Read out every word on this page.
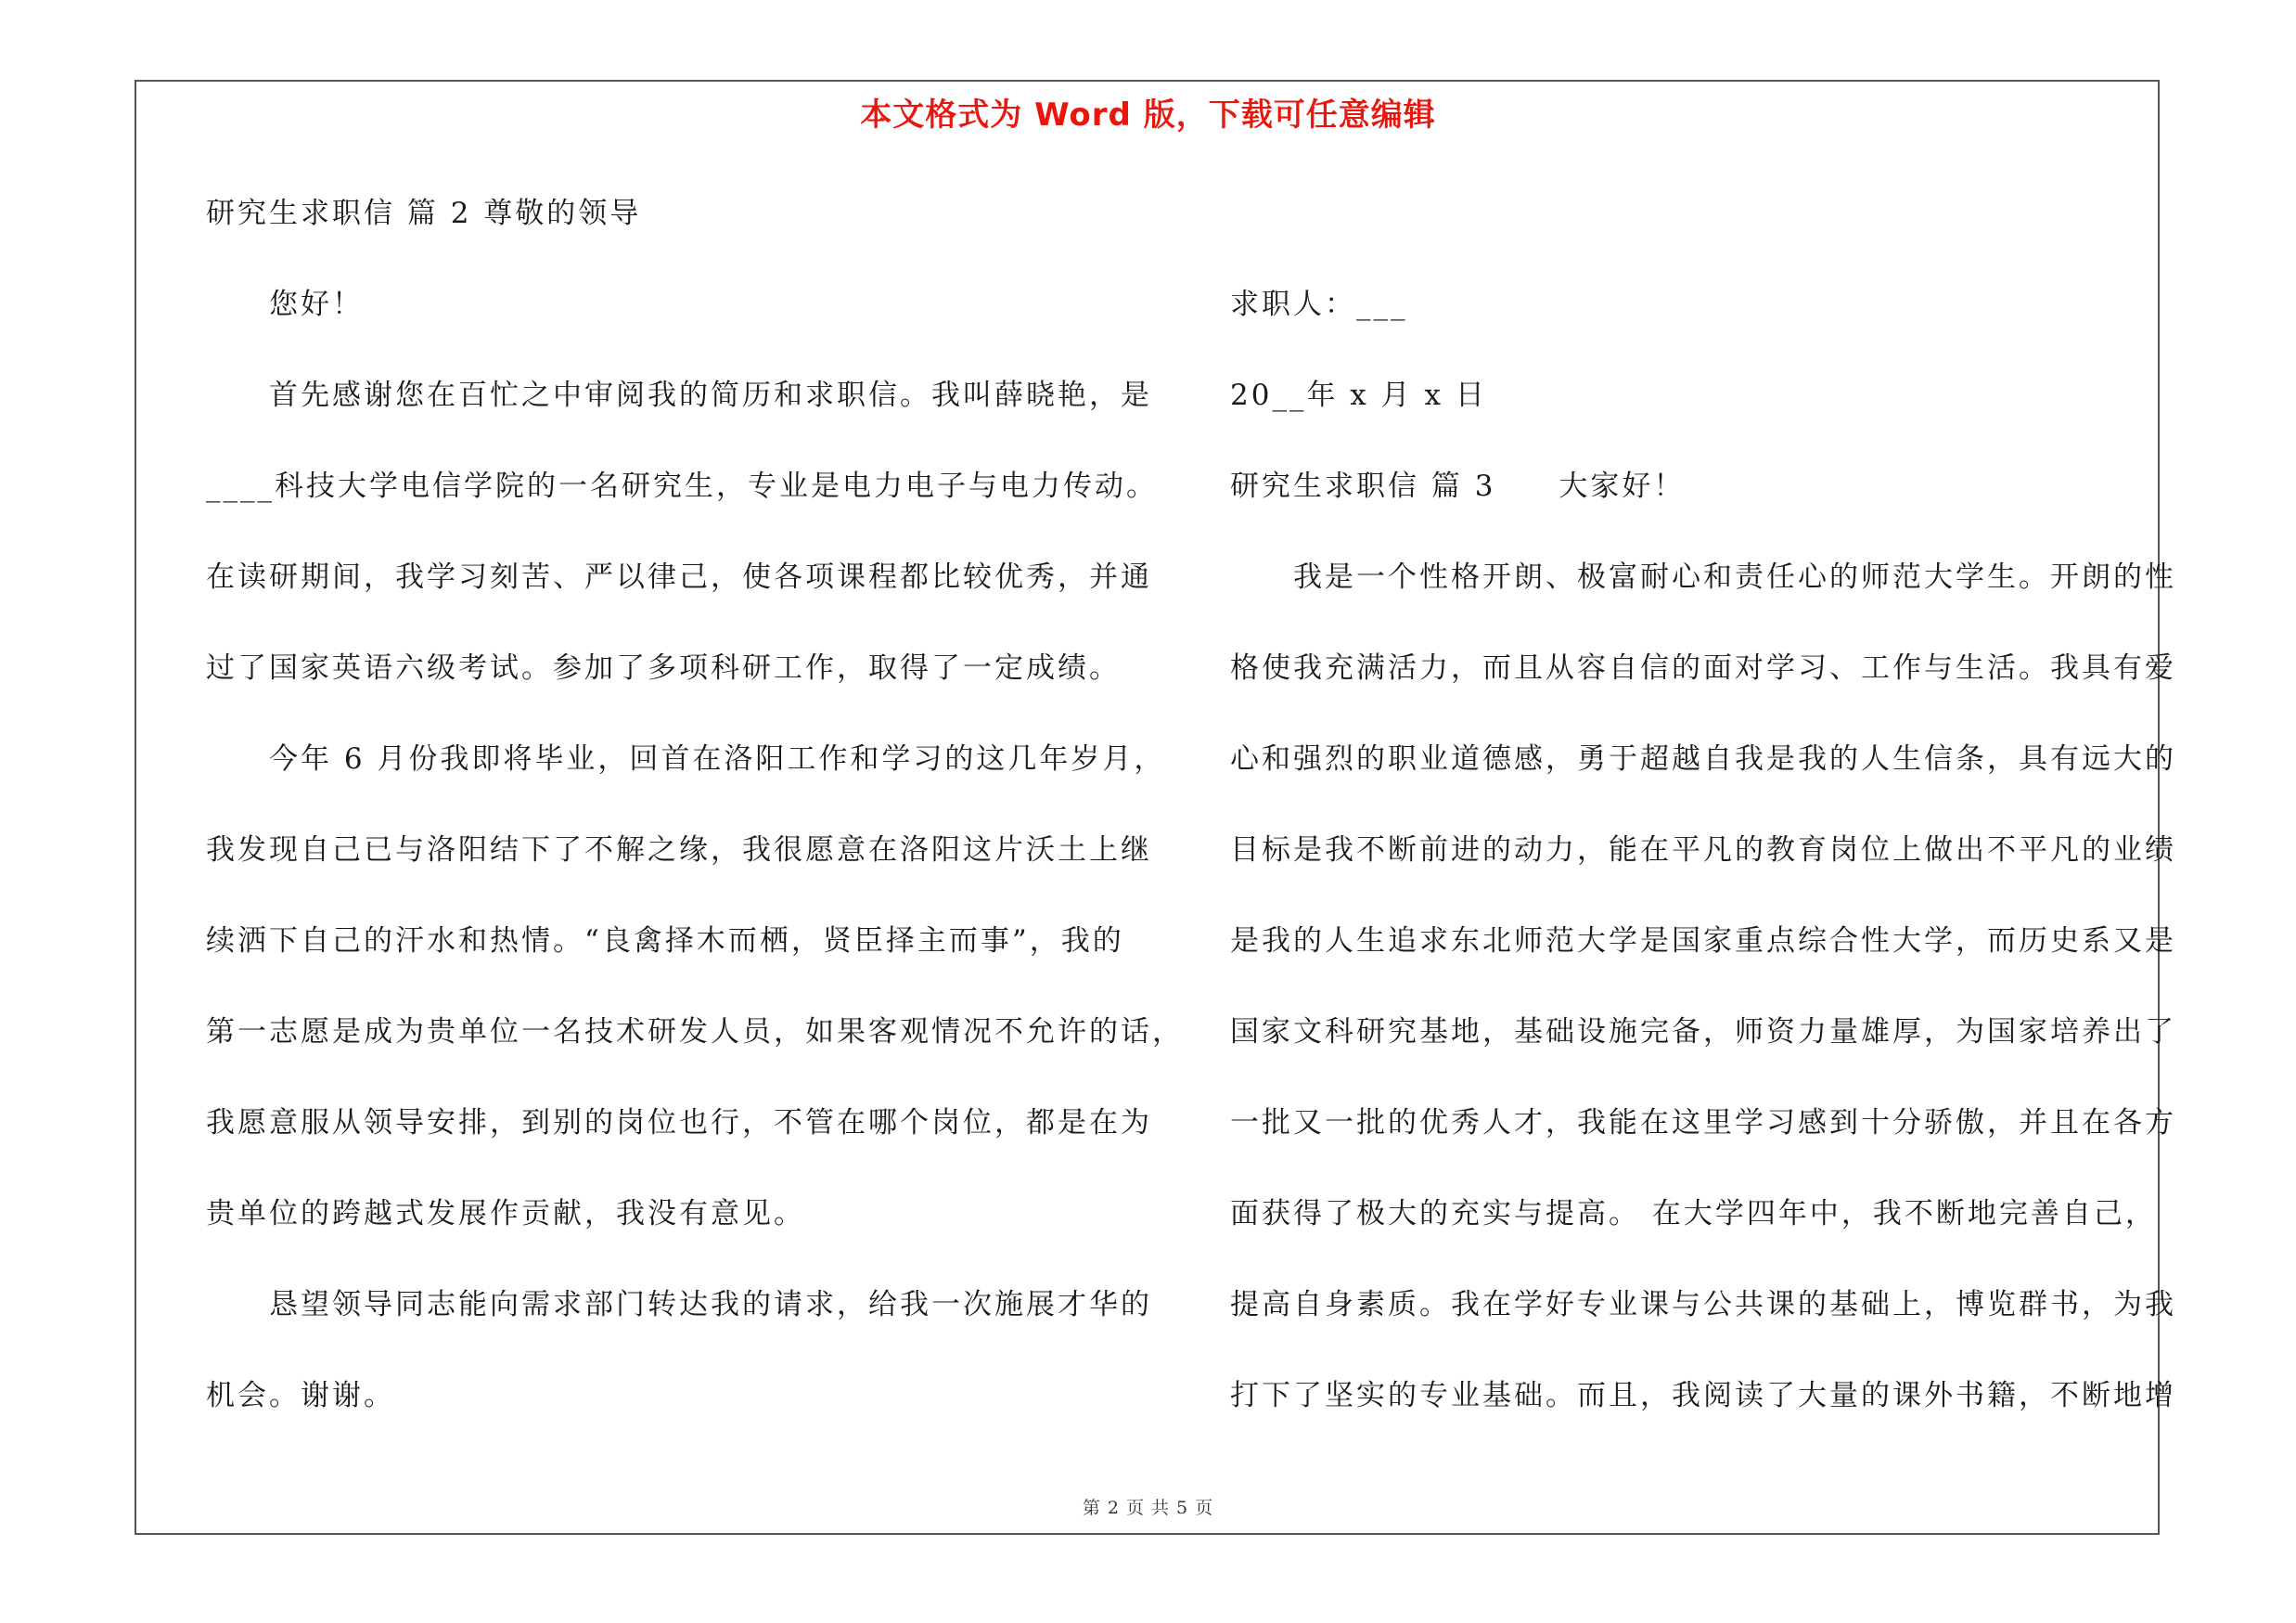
本文格式为 Word 版，下载可任意编辑
研究生求职信 篇 2 尊敬的领导
您好！
首先感谢您在百忙之中审阅我的简历和求职信。我叫薛晓艳，是
____科技大学电信学院的一名研究生，专业是电力电子与电力传动。
在读研期间，我学习刻苦、严以律己，使各项课程都比较优秀，并通
过了国家英语六级考试。参加了多项科研工作，取得了一定成绩。
今年 6 月份我即将毕业，回首在洛阳工作和学习的这几年岁月，
我发现自己已与洛阳结下了不解之缘，我很愿意在洛阳这片沃土上继
续洒下自己的汗水和热情。“良禽择木而栖，贤臣择主而事”，我的
第一志愿是成为贵单位一名技术研发人员，如果客观情况不允许的话，
我愿意服从领导安排，到别的岗位也行，不管在哪个岗位，都是在为
贵单位的跨越式发展作贡献，我没有意见。
恳望领导同志能向需求部门转达我的请求，给我一次施展才华的
机会。谢谢。
求职人：___
20__年 x 月 x 日
研究生求职信 篇 3　　大家好！
我是一个性格开朗、极富耐心和责任心的师范大学生。开朗的性
格使我充满活力，而且从容自信的面对学习、工作与生活。我具有爱
心和强烈的职业道德感，勇于超越自我是我的人生信条，具有远大的
目标是我不断前进的动力，能在平凡的教育岗位上做出不平凡的业绩
是我的人生追求东北师范大学是国家重点综合性大学，而历史系又是
国家文科研究基地，基础设施完备，师资力量雄厚，为国家培养出了
一批又一批的优秀人才，我能在这里学习感到十分骄傲，并且在各方
面获得了极大的充实与提高。 在大学四年中，我不断地完善自己，
提高自身素质。我在学好专业课与公共课的基础上，博览群书，为我
打下了坚实的专业基础。而且，我阅读了大量的课外书籍，不断地增
第 2 页 共 5 页
